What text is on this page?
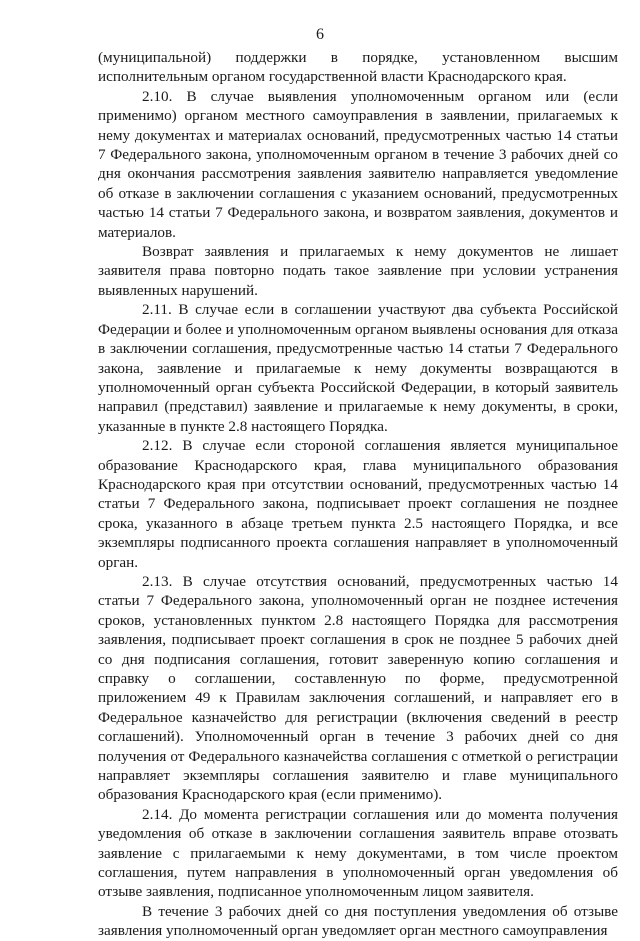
6

(муниципальной) поддержки в порядке, установленном высшим исполнительным органом государственной власти Краснодарского края.

2.10. В случае выявления уполномоченным органом или (если применимо) органом местного самоуправления в заявлении, прилагаемых к нему документах и материалах оснований, предусмотренных частью 14 статьи 7 Федерального закона, уполномоченным органом в течение 3 рабочих дней со дня окончания рассмотрения заявления заявителю направляется уведомление об отказе в заключении соглашения с указанием оснований, предусмотренных частью 14 статьи 7 Федерального закона, и возвратом заявления, документов и материалов.

Возврат заявления и прилагаемых к нему документов не лишает заявителя права повторно подать такое заявление при условии устранения выявленных нарушений.

2.11. В случае если в соглашении участвуют два субъекта Российской Федерации и более и уполномоченным органом выявлены основания для отказа в заключении соглашения, предусмотренные частью 14 статьи 7 Федерального закона, заявление и прилагаемые к нему документы возвращаются в уполномоченный орган субъекта Российской Федерации, в который заявитель направил (представил) заявление и прилагаемые к нему документы, в сроки, указанные в пункте 2.8 настоящего Порядка.

2.12. В случае если стороной соглашения является муниципальное образование Краснодарского края, глава муниципального образования Краснодарского края при отсутствии оснований, предусмотренных частью 14 статьи 7 Федерального закона, подписывает проект соглашения не позднее срока, указанного в абзаце третьем пункта 2.5 настоящего Порядка, и все экземпляры подписанного проекта соглашения направляет в уполномоченный орган.

2.13. В случае отсутствия оснований, предусмотренных частью 14 статьи 7 Федерального закона, уполномоченный орган не позднее истечения сроков, установленных пунктом 2.8 настоящего Порядка для рассмотрения заявления, подписывает проект соглашения в срок не позднее 5 рабочих дней со дня подписания соглашения, готовит заверенную копию соглашения и справку о соглашении, составленную по форме, предусмотренной приложением 49 к Правилам заключения соглашений, и направляет его в Федеральное казначейство для регистрации (включения сведений в реестр соглашений). Уполномоченный орган в течение 3 рабочих дней со дня получения от Федерального казначейства соглашения с отметкой о регистрации направляет экземпляры соглашения заявителю и главе муниципального образования Краснодарского края (если применимо).

2.14. До момента регистрации соглашения или до момента получения уведомления об отказе в заключении соглашения заявитель вправе отозвать заявление с прилагаемыми к нему документами, в том числе проектом соглашения, путем направления в уполномоченный орган уведомления об отзыве заявления, подписанное уполномоченным лицом заявителя.

В течение 3 рабочих дней со дня поступления уведомления об отзыве заявления уполномоченный орган уведомляет орган местного самоуправления
